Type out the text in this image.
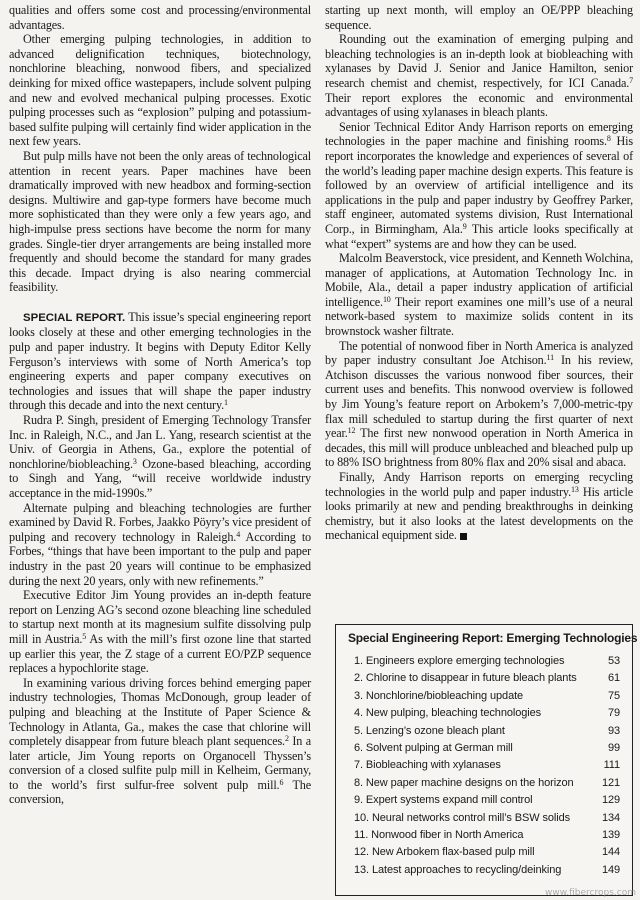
qualities and offers some cost and processing/environmental advantages.

Other emerging pulping technologies, in addition to advanced delignification techniques, biotechnology, nonchlorine bleaching, nonwood fibers, and specialized deinking for mixed office wastepapers, include solvent pulping and new and evolved mechanical pulping processes. Exotic pulping processes such as “explosion” pulping and potassium-based sulfite pulping will certainly find wider application in the next few years.

But pulp mills have not been the only areas of technological attention in recent years. Paper machines have been dramatically improved with new headbox and forming-section designs. Multiwire and gap-type formers have become much more sophisticated than they were only a few years ago, and high-impulse press sections have become the norm for many grades. Single-tier dryer arrangements are being installed more frequently and should become the standard for many grades this decade. Impact drying is also nearing commercial feasibility.

SPECIAL REPORT. This issue’s special engineering report looks closely at these and other emerging technologies in the pulp and paper industry. It begins with Deputy Editor Kelly Ferguson’s interviews with some of North America’s top engineering experts and paper company executives on technologies and issues that will shape the paper industry through this decade and into the next century.$^1$

Rudra P. Singh, president of Emerging Technology Transfer Inc. in Raleigh, N.C., and Jan L. Yang, research scientist at the Univ. of Georgia in Athens, Ga., explore the potential of nonchlorine/biobleaching.$^3$ Ozone-based bleaching, according to Singh and Yang, “will receive worldwide industry acceptance in the mid-1990s.”

Alternate pulping and bleaching technologies are further examined by David R. Forbes, Jaakko Pöyry’s vice president of pulping and recovery technology in Raleigh.$^4$ According to Forbes, “things that have been important to the pulp and paper industry in the past 20 years will continue to be emphasized during the next 20 years, only with new refinements.”

Executive Editor Jim Young provides an in-depth feature report on Lenzing AG’s second ozone bleaching line scheduled to startup next month at its magnesium sulfite dissolving pulp mill in Austria.$^5$ As with the mill’s first ozone line that started up earlier this year, the Z stage of a current EO/PZP sequence replaces a hypochlorite stage.

In examining various driving forces behind emerging paper industry technologies, Thomas McDonough, group leader of pulping and bleaching at the Institute of Paper Science & Technology in Atlanta, Ga., makes the case that chlorine will completely disappear from future bleach plant sequences.$^2$ In a later article, Jim Young reports on Organocell Thyssen’s conversion of a closed sulfite pulp mill in Kelheim, Germany, to the world’s first sulfur-free solvent pulp mill.$^6$ The conversion,

starting up next month, will employ an OE/PPP bleaching sequence.

Rounding out the examination of emerging pulping and bleaching technologies is an in-depth look at biobleaching with xylanases by David J. Senior and Janice Hamilton, senior research chemist and chemist, respectively, for ICI Canada.$^7$ Their report explores the economic and environmental advantages of using xylanases in bleach plants.

Senior Technical Editor Andy Harrison reports on emerging technologies in the paper machine and finishing rooms.$^8$ His report incorporates the knowledge and experiences of several of the world’s leading paper machine design experts. This feature is followed by an overview of artificial intelligence and its applications in the pulp and paper industry by Geoffrey Parker, staff engineer, automated systems division, Rust International Corp., in Birmingham, Ala.$^9$ This article looks specifically at what “expert” systems are and how they can be used.

Malcolm Beaverstock, vice president, and Kenneth Wolchina, manager of applications, at Automation Technology Inc. in Mobile, Ala., detail a paper industry application of artificial intelligence.$^{10}$ Their report examines one mill’s use of a neural network-based system to maximize solids content in its brownstock washer filtrate.

The potential of nonwood fiber in North America is analyzed by paper industry consultant Joe Atchison.$^{11}$ In his review, Atchison discusses the various nonwood fiber sources, their current uses and benefits. This nonwood overview is followed by Jim Young’s feature report on Arbokem’s 7,000-metric-tpy flax mill scheduled to startup during the first quarter of next year.$^{12}$ The first new nonwood operation in North America in decades, this mill will produce unbleached and bleached pulp up to 88% ISO brightness from 80% flax and 20% sisal and abaca.

Finally, Andy Harrison reports on emerging recycling technologies in the world pulp and paper industry.$^{13}$ His article looks primarily at new and pending breakthroughs in deinking chemistry, but it also looks at the latest developments on the mechanical equipment side.

Special Engineering Report: Emerging Technologies
1. Engineers explore emerging technologies	53
2. Chlorine to disappear in future bleach plants	61
3. Nonchlorine/biobleaching update	75
4. New pulping, bleaching technologies	79
5. Lenzing’s ozone bleach plant	93
6. Solvent pulping at German mill	99
7. Biobleaching with xylanases	111
8. New paper machine designs on the horizon	121
9. Expert systems expand mill control	129
10. Neural networks control mill’s BSW solids	134
11. Nonwood fiber in North America	139
12. New Arbokem flax-based pulp mill	144
13. Latest approaches to recycling/deinking	149
www.fibercrops.com
